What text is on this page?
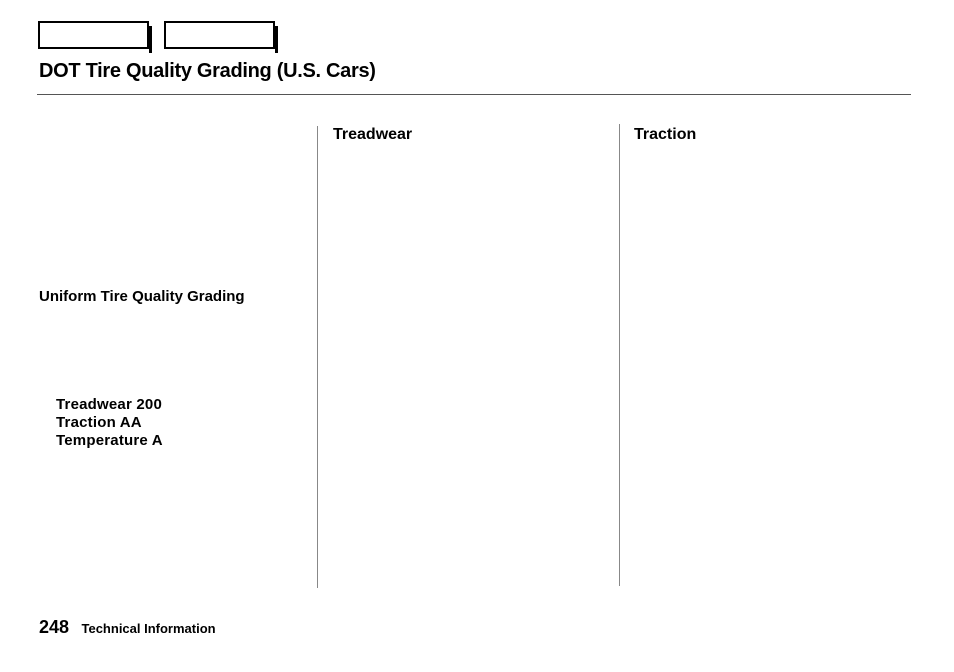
DOT Tire Quality Grading (U.S. Cars)
Treadwear	Traction
Uniform Tire Quality Grading
Treadwear 200
Traction AA
Temperature A
248 Technical Information
